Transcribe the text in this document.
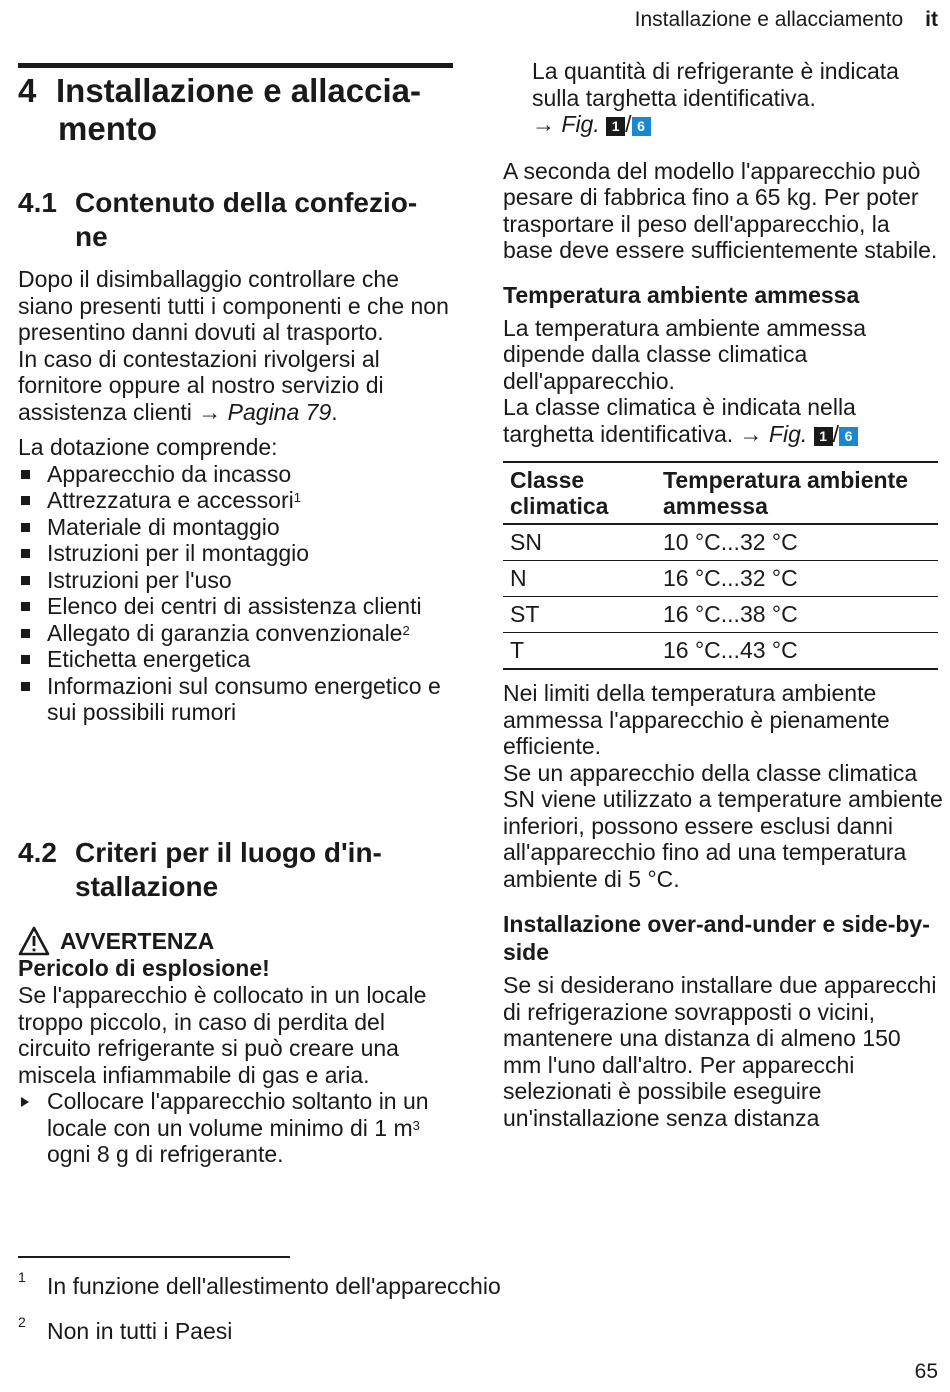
Installazione e allacciamento it
4 Installazione e allaccia-
mento
4.1 Contenuto della confezio-
ne

Dopo il disimballaggio controllare che siano presenti tutti i componenti e che non presentino danni dovuti al trasporto.

In caso di contestazioni rivolgersi al fornitore oppure al nostro servizio di assistenza clienti → Pagina 79.

La dotazione comprende:

Apparecchio da incasso
Attrezzatura e accessori$^1$
Materiale di montaggio
Istruzioni per il montaggio
Istruzioni per l'uso
Elenco dei centri di assistenza clienti
Allegato di garanzia convenzionale$^2$
Etichetta energetica
Informazioni sul consumo energetico e sui possibili rumori
4.2 Criteri per il luogo d'in-
stallazione
AVVERTENZA
Pericolo di esplosione!

Se l'apparecchio è collocato in un locale troppo piccolo, in caso di perdita del circuito refrigerante si può creare una miscela infiammabile di gas e aria.

Collocare l'apparecchio soltanto in un locale con un volume minimo di 1 $m^3$ ogni 8 g di refrigerante.

La quantità di refrigerante è indicata sulla targhetta identificativa.

→ Fig. 1 / 6

A seconda del modello l'apparecchio può pesare di fabbrica fino a 65 kg. Per poter trasportare il peso dell'apparecchio, la base deve essere sufficientemente stabile.

Temperatura ambiente ammessa

La temperatura ambiente ammessa dipende dalla classe climatica dell'apparecchio.

La classe climatica è indicata nella targhetta identificativa. → Fig. 1 / 6

Classe climatica	Temperatura ambiente ammessa
SN	10 °C...32 °C
N	16 °C...32 °C
ST	16 °C...38 °C
T	16 °C...43 °C

Nei limiti della temperatura ambiente ammessa l'apparecchio è pienamente efficiente.

Se un apparecchio della classe climatica SN viene utilizzato a temperature ambiente inferiori, possono essere esclusi danni all'apparecchio fino ad una temperatura ambiente di 5 °C.

Installazione over-and-under e side-by-side

Se si desiderano installare due apparecchi di refrigerazione sovrapposti o vicini, mantenere una distanza di almeno 150 mm l'uno dall'altro. Per apparecchi selezionati è possibile eseguire un'installazione senza distanza

1 In funzione dell'allestimento dell'apparecchio
2 Non in tutti i Paesi
65
